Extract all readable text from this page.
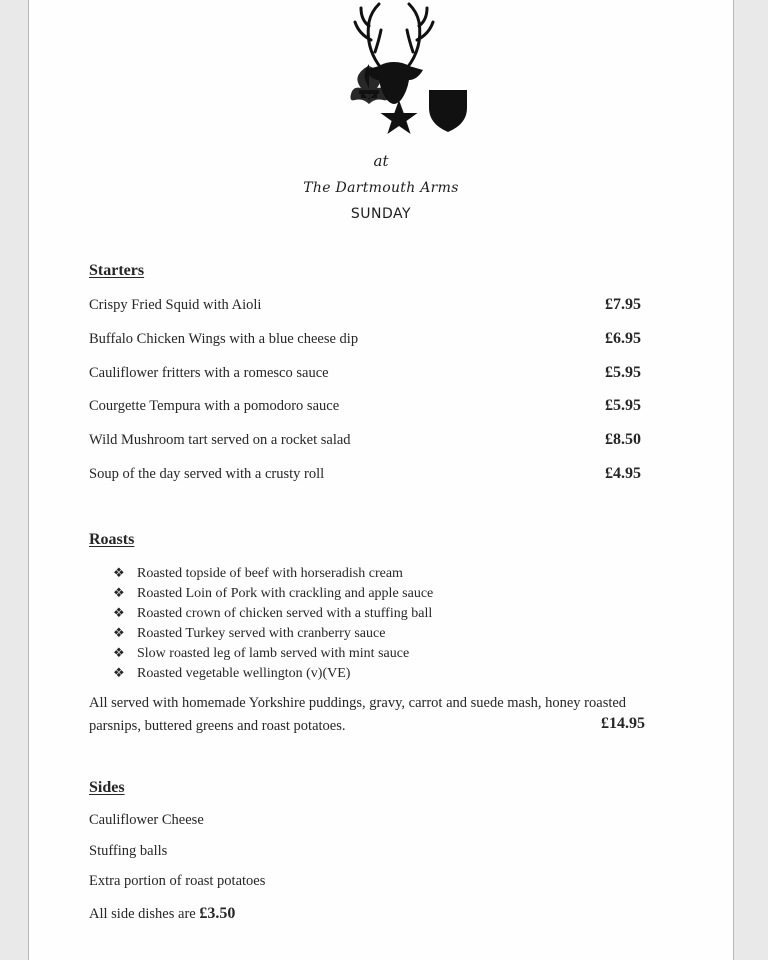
at
The Dartmouth Arms
SUNDAY
Starters
Crispy Fried Squid with Aioli	£7.95
Buffalo Chicken Wings with a blue cheese dip	£6.95
Cauliflower fritters with a romesco sauce	£5.95
Courgette Tempura with a pomodoro sauce	£5.95
Wild Mushroom tart served on a rocket salad	£8.50
Soup of the day served with a crusty roll	£4.95
Roasts
❖ Roasted topside of beef with horseradish cream
❖ Roasted Loin of Pork with crackling and apple sauce
❖ Roasted crown of chicken served with a stuffing ball
❖ Roasted Turkey served with cranberry sauce
❖ Slow roasted leg of lamb served with mint sauce
❖ Roasted vegetable wellington (v)(VE)
All served with homemade Yorkshire puddings, gravy, carrot and suede mash, honey roasted
parsnips, buttered greens and roast potatoes.	£14.95
Sides
Cauliflower Cheese
Stuffing balls
Extra portion of roast potatoes
All side dishes are £3.50
